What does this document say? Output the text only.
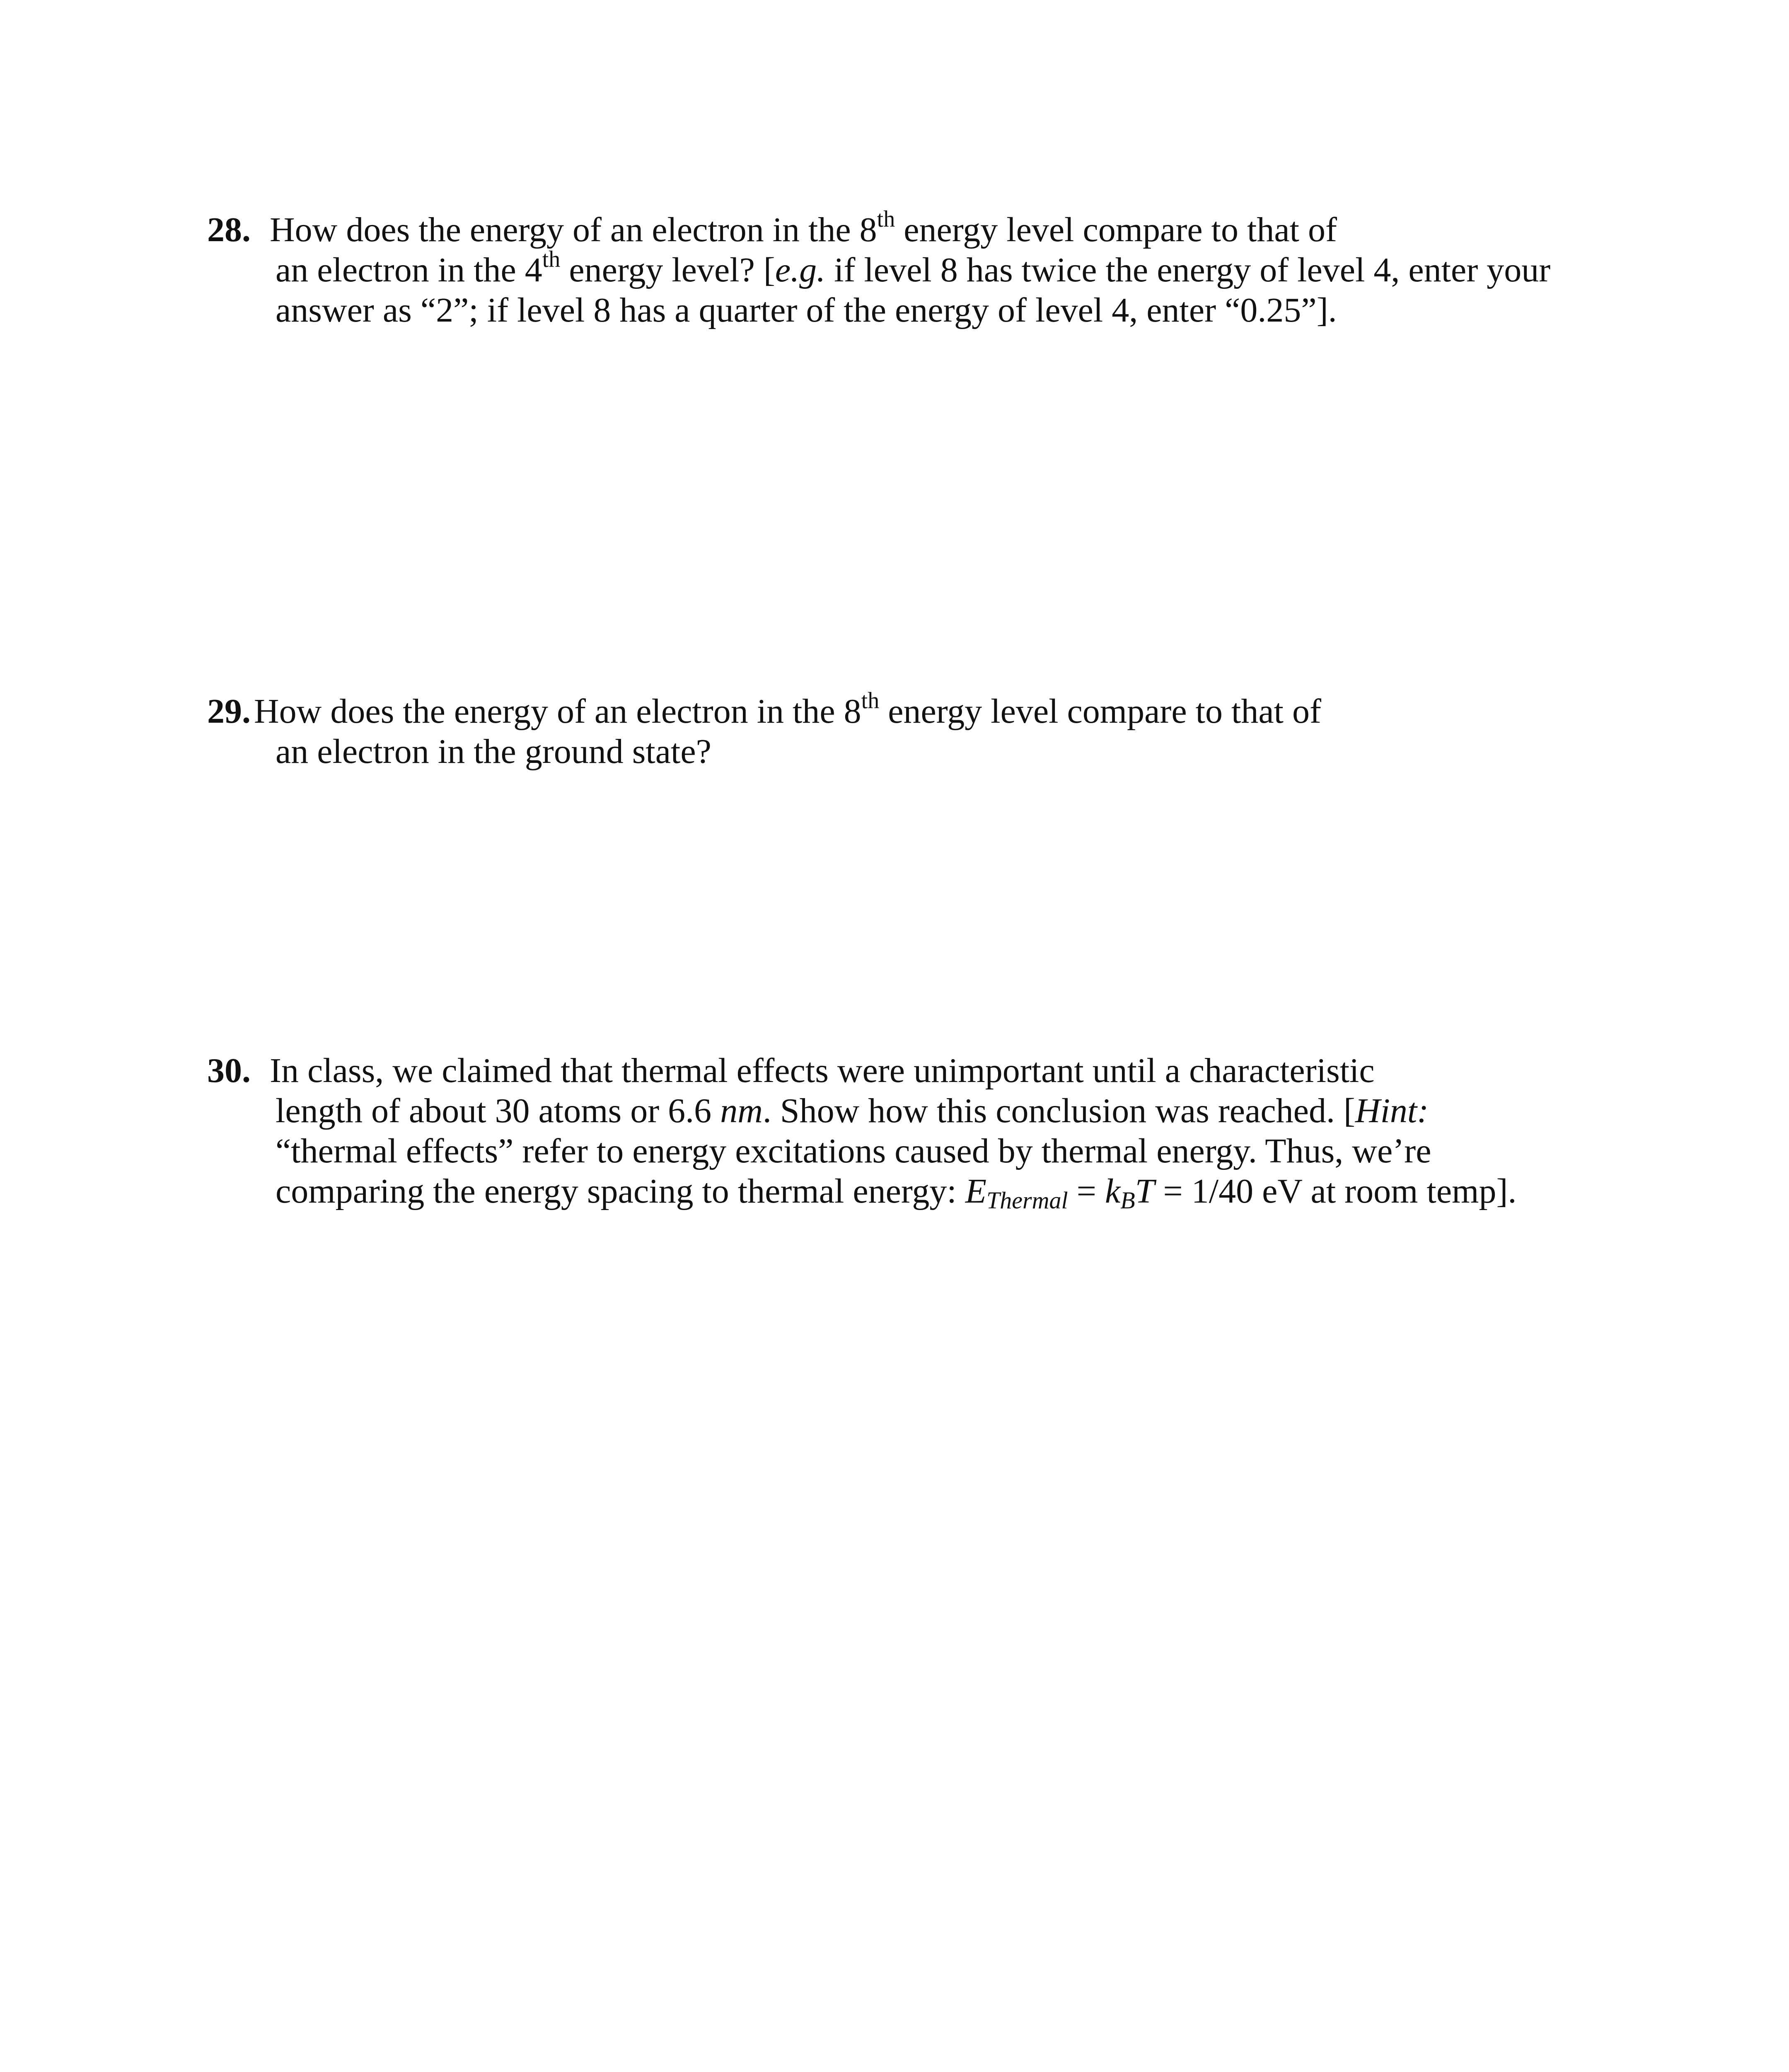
28. How does the energy of an electron in the 8th energy level compare to that of
an electron in the 4th energy level? [e.g. if level 8 has twice the energy of level 4, enter your
answer as “2”; if level 8 has a quarter of the energy of level 4, enter “0.25”].
29.How does the energy of an electron in the 8th energy level compare to that of
an electron in the ground state?
30. In class, we claimed that thermal effects were unimportant until a characteristic
length of about 30 atoms or 6.6 nm. Show how this conclusion was reached. [Hint:
“thermal effects” refer to energy excitations caused by thermal energy. Thus, we’re
comparing the energy spacing to thermal energy: $E_{Thermal} = k_BT = 1/40$ eV at room temp].
